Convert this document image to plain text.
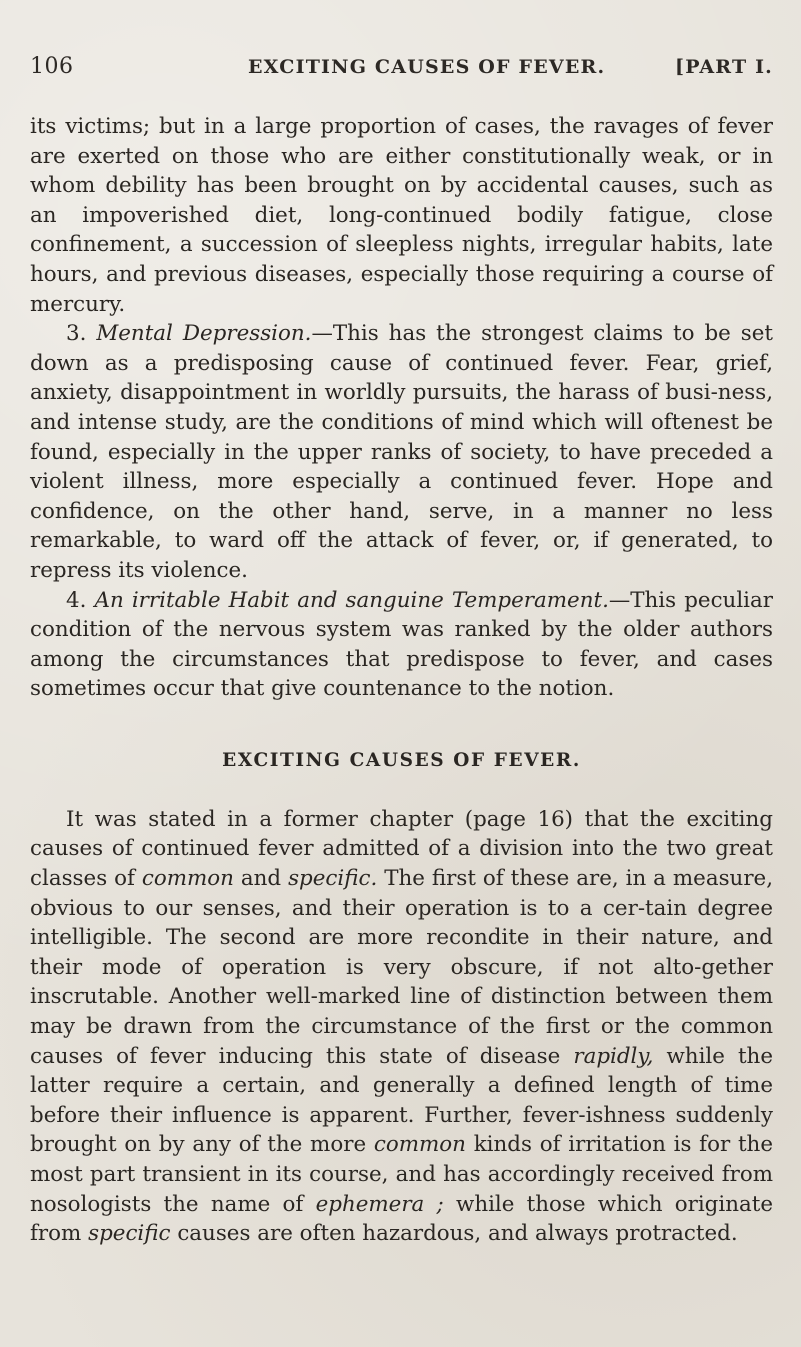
106	EXCITING CAUSES OF FEVER.	[PART I.

its victims; but in a large proportion of cases, the ravages of fever are exerted on those who are either constitutionally weak, or in whom debility has been brought on by accidental causes, such as an impoverished diet, long-continued bodily fatigue, close confinement, a succession of sleepless nights, irregular habits, late hours, and previous diseases, especially those requiring a course of mercury.

3. Mental Depression.—This has the strongest claims to be set down as a predisposing cause of continued fever. Fear, grief, anxiety, disappointment in worldly pursuits, the harass of busi-ness, and intense study, are the conditions of mind which will oftenest be found, especially in the upper ranks of society, to have preceded a violent illness, more especially a continued fever. Hope and confidence, on the other hand, serve, in a manner no less remarkable, to ward off the attack of fever, or, if generated, to repress its violence.

4. An irritable Habit and sanguine Temperament.—This peculiar condition of the nervous system was ranked by the older authors among the circumstances that predispose to fever, and cases sometimes occur that give countenance to the notion.

EXCITING CAUSES OF FEVER.

It was stated in a former chapter (page 16) that the exciting causes of continued fever admitted of a division into the two great classes of common and specific. The first of these are, in a measure, obvious to our senses, and their operation is to a cer-tain degree intelligible. The second are more recondite in their nature, and their mode of operation is very obscure, if not alto-gether inscrutable. Another well-marked line of distinction between them may be drawn from the circumstance of the first or the common causes of fever inducing this state of disease rapidly, while the latter require a certain, and generally a defined length of time before their influence is apparent. Further, fever-ishness suddenly brought on by any of the more common kinds of irritation is for the most part transient in its course, and has accordingly received from nosologists the name of ephemera ; while those which originate from specific causes are often hazardous, and always protracted.
